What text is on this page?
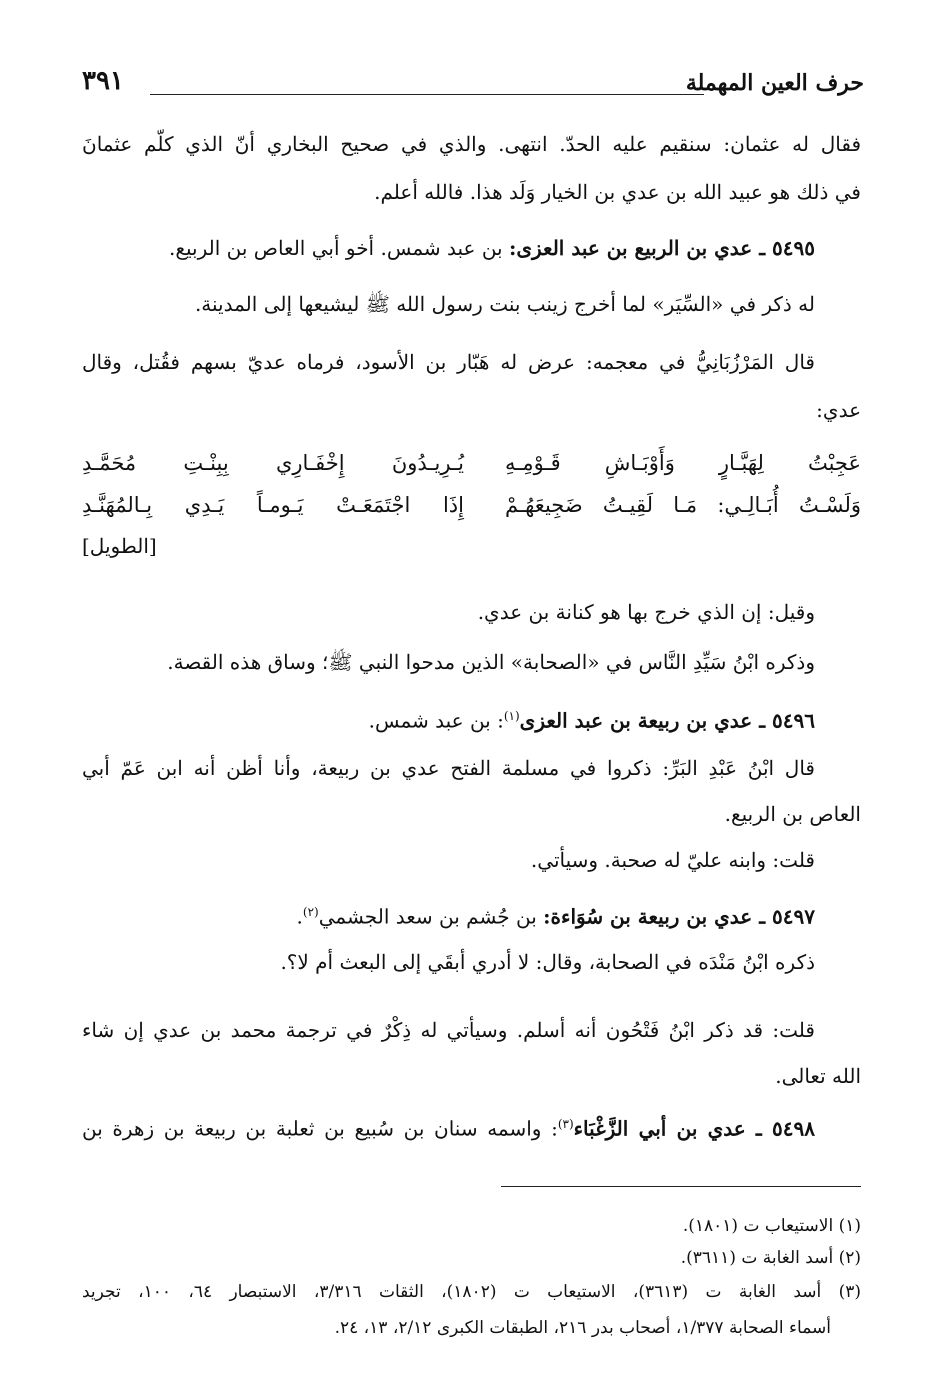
حرف العين المهملة
٣٩١
فقال له عثمان: سنقيم عليه الحدّ. انتهى. والذي في صحيح البخاري أنّ الذي كلّم عثمانَ
في ذلك هو عبيد الله بن عدي بن الخيار وَلَد هذا. فالله أعلم.
٥٤٩٥ ـ عدي بن الربيع بن عبد العزى: بن عبد شمس. أخو أبي العاص بن الربيع.
له ذكر في «السِّيَر» لما أخرج زينب بنت رسول الله ﷺ ليشيعها إلى المدينة.
قال المَرْزُبَانِيُّ في معجمه: عرض له هَبّار بن الأسود، فرماه عديّ بسهم فقُتل، وقال
عدي:
عَجِبْتُ لِهَبَّـارٍ وَأَوْبَـاشِ قَـوْمِـهِ
يُـرِيـدُونَ إِخْفَـارِي بِبِنْـتِ مُحَمَّـدِ
وَلَسْـتُ أُبَـالِـي: مَـا لَقِيـتُ ضَجِيعَهُـمْ
إِذَا اجْتَمَعَـتْ يَـومـاً يَـدِي بِـالمُهَنَّـدِ
[الطويل]
وقيل: إن الذي خرج بها هو كنانة بن عدي.
وذكره ابْنُ سَيِّدِ النَّاس في «الصحابة» الذين مدحوا النبي ﷺ؛ وساق هذه القصة.
٥٤٩٦ ـ عدي بن ربيعة بن عبد العزى$^{(١)}$: بن عبد شمس.
قال ابْنُ عَبْدِ البَرِّ: ذكروا في مسلمة الفتح عدي بن ربيعة، وأنا أظن أنه ابن عَمّ أبي
العاص بن الربيع.
قلت: وابنه عليّ له صحبة. وسيأتي.
٥٤٩٧ ـ عدي بن ربيعة بن سُوَاءة: بن جُشم بن سعد الجشمي$^{(٢)}$.
ذكره ابْنُ مَنْدَه في الصحابة، وقال: لا أدري أبقَي إلى البعث أم لا؟.
قلت: قد ذكر ابْنُ فَتْحُون أنه أسلم. وسيأتي له ذِكْرٌ في ترجمة محمد بن عدي إن شاء
الله تعالى.
٥٤٩٨ ـ عدي بن أبي الزَّغْبَاء$^{(٣)}$: واسمه سنان بن سُبيع بن ثعلبة بن ربيعة بن زهرة بن
(١) الاستيعاب ت (١٨٠١).
(٢) أسد الغابة ت (٣٦١١).
(٣) أسد الغابة ت (٣٦١٣)، الاستيعاب ت (١٨٠٢)، الثقات ٣/٣١٦، الاستبصار ٦٤، ١٠٠، تجريد
أسماء الصحابة ١/٣٧٧، أصحاب بدر ٢١٦، الطبقات الكبرى ٢/١٢، ١٣، ٢٤.
